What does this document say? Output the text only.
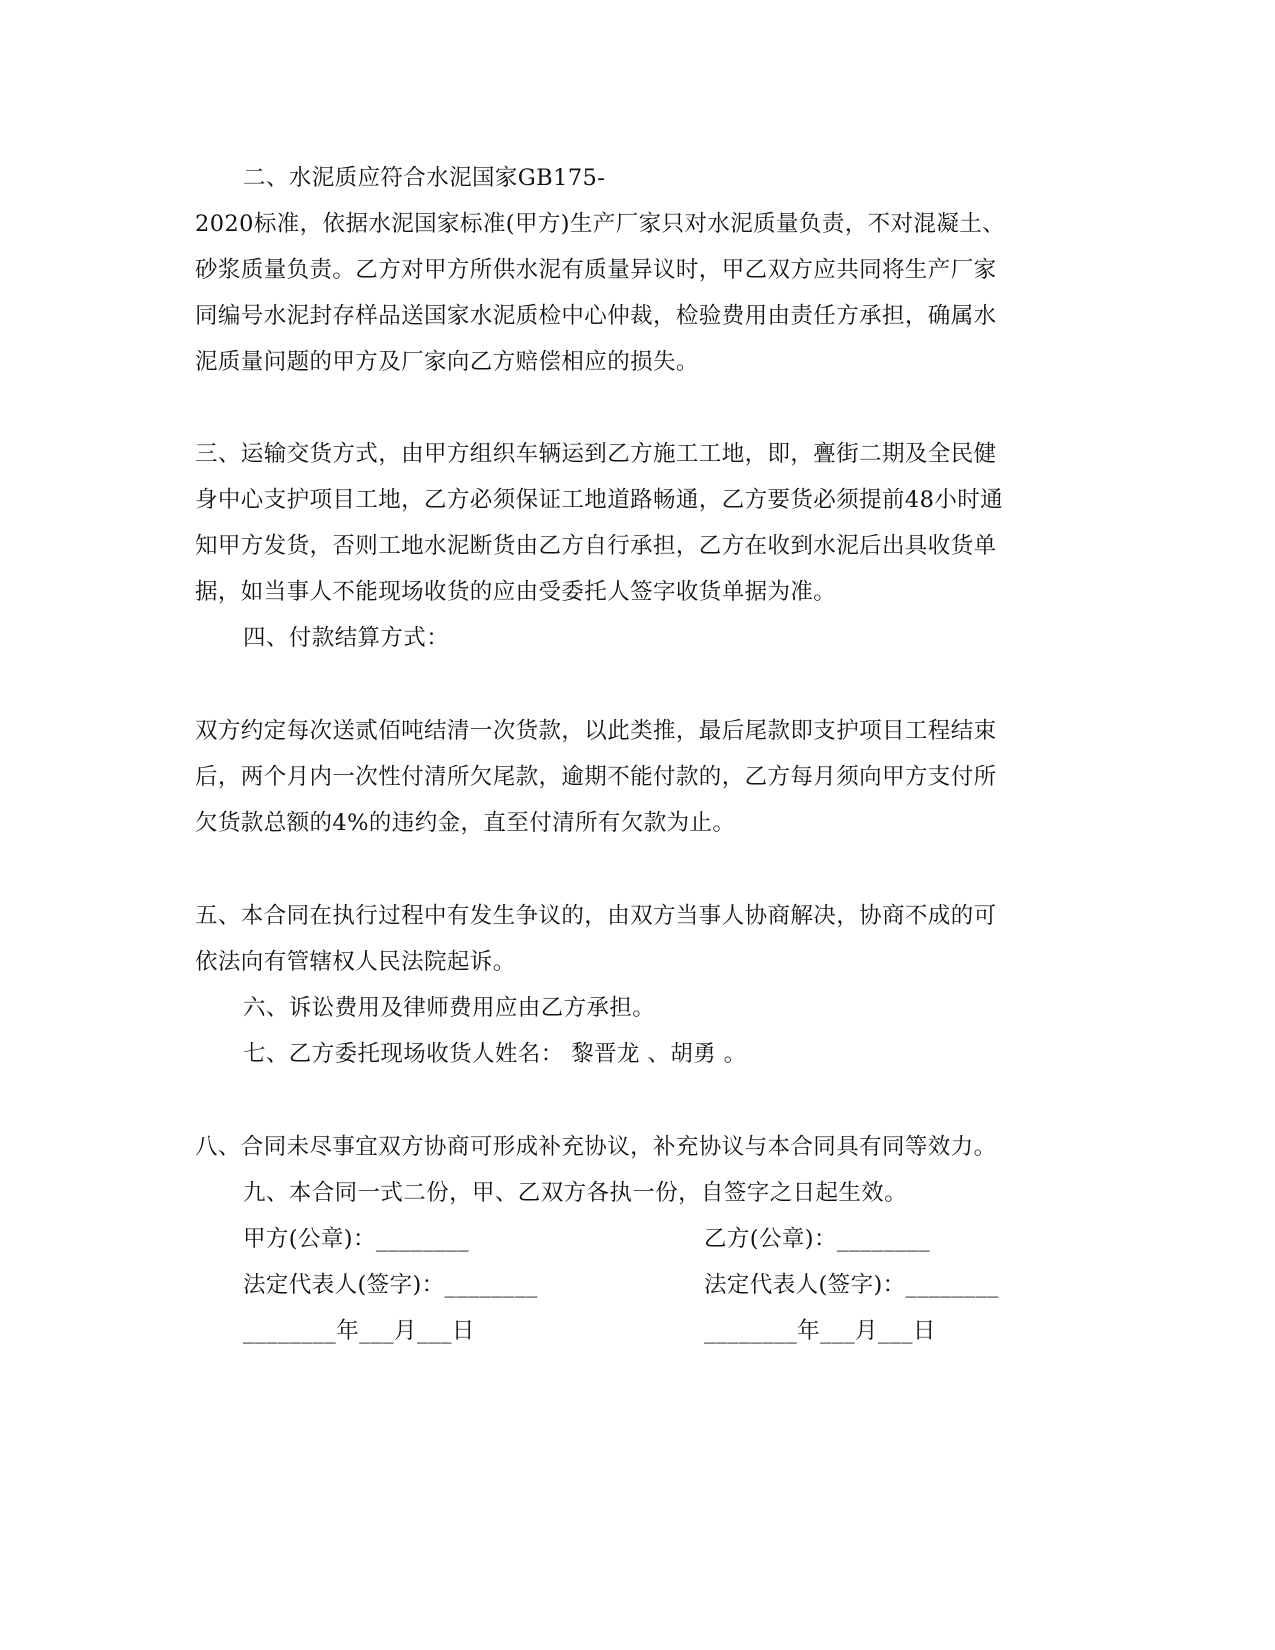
二、水泥质应符合水泥国家GB175-
2020标准，依据水泥国家标准(甲方)生产厂家只对水泥质量负责，不对混凝土、
砂浆质量负责。乙方对甲方所供水泥有质量异议时，甲乙双方应共同将生产厂家
同编号水泥封存样品送国家水泥质检中心仲裁，检验费用由责任方承担，确属水
泥质量问题的甲方及厂家向乙方赔偿相应的损失。
三、运输交货方式，由甲方组织车辆运到乙方施工工地，即，亹街二期及全民健
身中心支护项目工地，乙方必须保证工地道路畅通，乙方要货必须提前48小时通
知甲方发货，否则工地水泥断货由乙方自行承担，乙方在收到水泥后出具收货单
据，如当事人不能现场收货的应由受委托人签字收货单据为准。
四、付款结算方式：
双方约定每次送贰佰吨结清一次货款，以此类推，最后尾款即支护项目工程结束
后，两个月内一次性付清所欠尾款，逾期不能付款的，乙方每月须向甲方支付所
欠货款总额的4%的违约金，直至付清所有欠款为止。
五、本合同在执行过程中有发生争议的，由双方当事人协商解决，协商不成的可
依法向有管辖权人民法院起诉。
六、诉讼费用及律师费用应由乙方承担。
七、乙方委托现场收货人姓名： 黎晋龙 、胡勇 。
八、合同未尽事宜双方协商可形成补充协议，补充协议与本合同具有同等效力。
九、本合同一式二份，甲、乙双方各执一份，自签字之日起生效。
甲方(公章)：________	乙方(公章)：________
法定代表人(签字)：________	法定代表人(签字)：________
________年___月___日	________年___月___日
